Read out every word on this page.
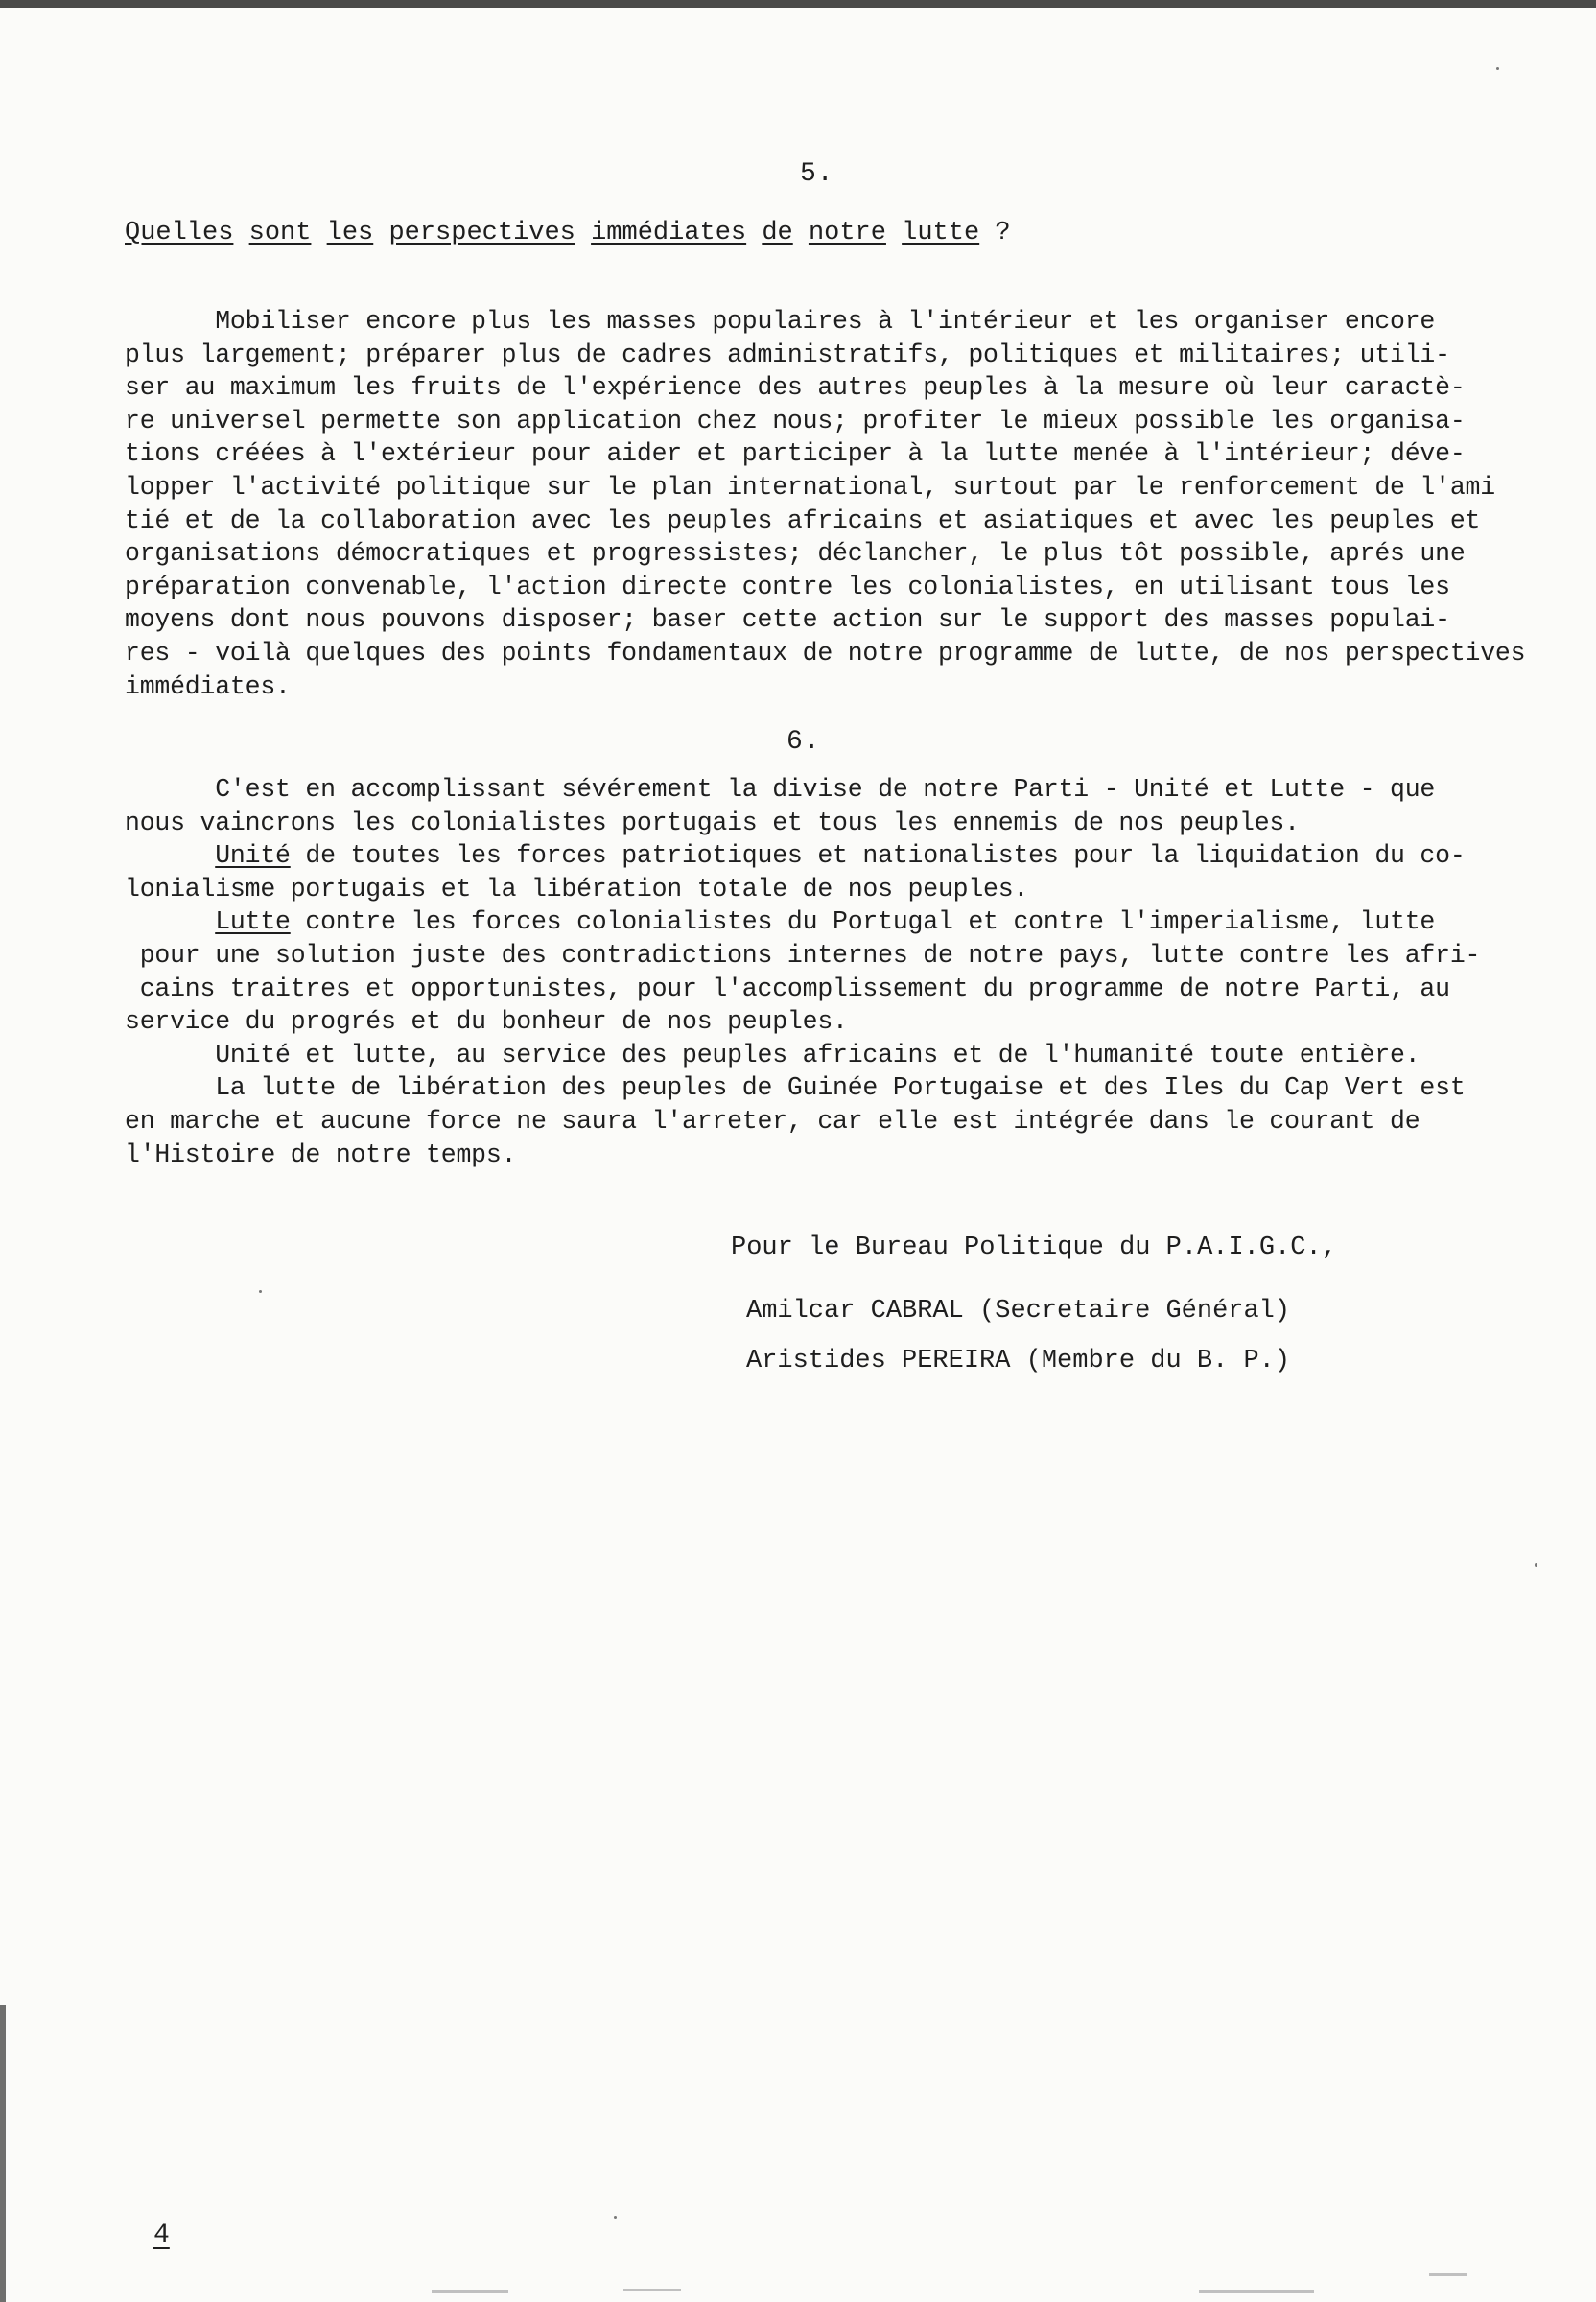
5.
Quelles sont les perspectives immédiates de notre lutte ?
Mobiliser encore plus les masses populaires à l'intérieur et les organiser encore
plus largement; préparer plus de cadres administratifs, politiques et militaires; utili-
ser au maximum les fruits de l'expérience des autres peuples à la mesure où leur caractè-
re universel permette son application chez nous; profiter le mieux possible les organisa-
tions créées à l'extérieur pour aider et participer à la lutte menée à l'intérieur; déve-
lopper l'activité politique sur le plan international, surtout par le renforcement de l'ami
tié et de la collaboration avec les peuples africains et asiatiques et avec les peuples et
organisations démocratiques et progressistes; déclancher, le plus tôt possible, aprés une
préparation convenable, l'action directe contre les colonialistes, en utilisant tous les
moyens dont nous pouvons disposer; baser cette action sur le support des masses populai-
res - voilà quelques des points fondamentaux de notre programme de lutte, de nos perspectives
immédiates.
6.
C'est en accomplissant sévérement la divise de notre Parti - Unité et Lutte - que
nous vaincrons les colonialistes portugais et tous les ennemis de nos peuples.
Unité de toutes les forces patriotiques et nationalistes pour la liquidation du co-
lonialisme portugais et la libération totale de nos peuples.
Lutte contre les forces colonialistes du Portugal et contre l'imperialisme, lutte
pour une solution juste des contradictions internes de notre pays, lutte contre les afri-
cains traitres et opportunistes, pour l'accomplissement du programme de notre Parti, au
service du progrés et du bonheur de nos peuples.
Unité et lutte, au service des peuples africains et de l'humanité toute entière.
La lutte de libération des peuples de Guinée Portugaise et des Iles du Cap Vert est
en marche et aucune force ne saura l'arreter, car elle est intégrée dans le courant de
l'Histoire de notre temps.
Pour le Bureau Politique du P.A.I.G.C.,
Amilcar CABRAL (Secretaire Général)
Aristides PEREIRA (Membre du B. P.)
4
